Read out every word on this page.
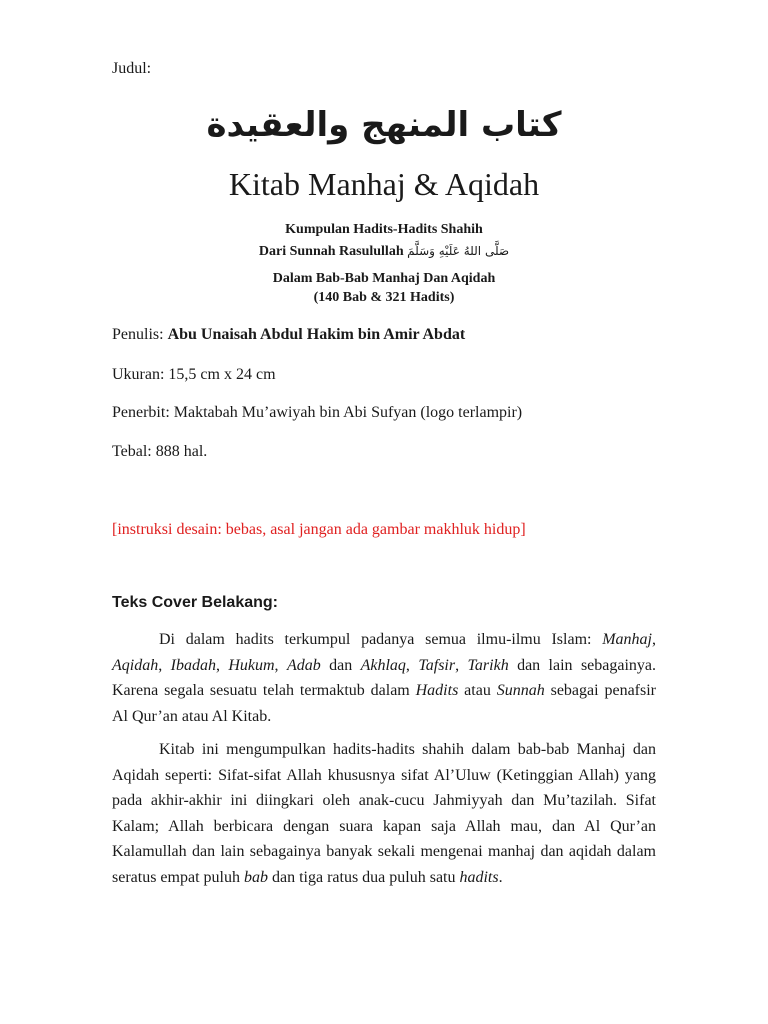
Judul:

كتاب المنهج والعقيدة

Kitab Manhaj & Aqidah

Kumpulan Hadits-Hadits Shahih

Dari Sunnah Rasulullah صَلَّى اللهُ عَلَيْهِ وَسَلَّمَ

Dalam Bab-Bab Manhaj Dan Aqidah

(140 Bab & 321 Hadits)

Penulis: Abu Unaisah Abdul Hakim bin Amir Abdat

Ukuran: 15,5 cm x 24 cm

Penerbit: Maktabah Mu’awiyah bin Abi Sufyan (logo terlampir)

Tebal: 888 hal.

[instruksi desain: bebas, asal jangan ada gambar makhluk hidup]

Teks Cover Belakang:

Di dalam hadits terkumpul padanya semua ilmu-ilmu Islam: Manhaj, Aqidah, Ibadah, Hukum, Adab dan Akhlaq, Tafsir, Tarikh dan lain sebagainya. Karena segala sesuatu telah termaktub dalam Hadits atau Sunnah sebagai penafsir Al Qur’an atau Al Kitab.

Kitab ini mengumpulkan hadits-hadits shahih dalam bab-bab Manhaj dan Aqidah seperti: Sifat-sifat Allah khususnya sifat Al’Uluw (Ketinggian Allah) yang pada akhir-akhir ini diingkari oleh anak-cucu Jahmiyyah dan Mu’tazilah. Sifat Kalam; Allah berbicara dengan suara kapan saja Allah mau, dan Al Qur’an Kalamullah dan lain sebagainya banyak sekali mengenai manhaj dan aqidah dalam seratus empat puluh bab dan tiga ratus dua puluh satu hadits.
